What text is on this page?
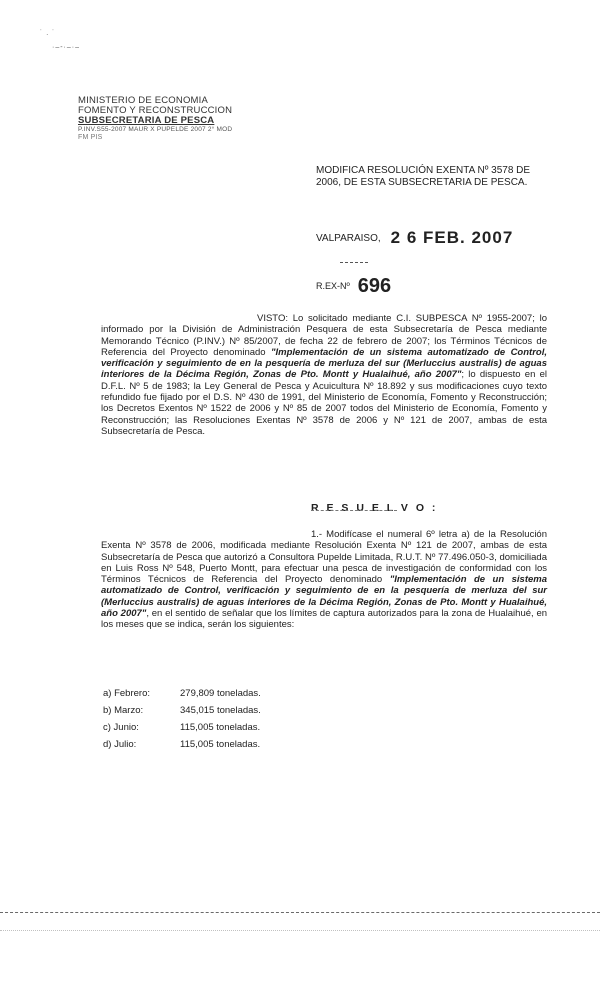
˙ . ˙
·–‐·–·–
MINISTERIO DE ECONOMIA
FOMENTO Y RECONSTRUCCION
SUBSECRETARIA DE PESCA
P.INV.S55-2007 MAUR X PUPELDE 2007 2° MOD
FM PIS
MODIFICA RESOLUCIÓN EXENTA Nº 3578 DE 2006, DE ESTA SUBSECRETARIA DE PESCA.
VALPARAISO, 2 6 FEB. 2007
R.EX-Nº 696
VISTO: Lo solicitado mediante C.I. SUBPESCA Nº 1955-2007; lo informado por la División de Administración Pesquera de esta Subsecretaría de Pesca mediante Memorando Técnico (P.INV.) Nº 85/2007, de fecha 22 de febrero de 2007; los Términos Técnicos de Referencia del Proyecto denominado "Implementación de un sistema automatizado de Control, verificación y seguimiento de en la pesquería de merluza del sur (Merluccius australis) de aguas interiores de la Décima Región, Zonas de Pto. Montt y Hualaihué, año 2007"; lo dispuesto en el D.F.L. Nº 5 de 1983; la Ley General de Pesca y Acuicultura Nº 18.892 y sus modificaciones cuyo texto refundido fue fijado por el D.S. Nº 430 de 1991, del Ministerio de Economía, Fomento y Reconstrucción; los Decretos Exentos Nº 1522 de 2006 y Nº 85 de 2007 todos del Ministerio de Economía, Fomento y Reconstrucción; las Resoluciones Exentas Nº 3578 de 2006 y Nº 121 de 2007, ambas de esta Subsecretaría de Pesca.
R E S U E L V O :
1.- Modifícase el numeral 6º letra a) de la Resolución Exenta Nº 3578 de 2006, modificada mediante Resolución Exenta Nº 121 de 2007, ambas de esta Subsecretaría de Pesca que autorizó a Consultora Pupelde Limitada, R.U.T. Nº 77.496.050-3, domiciliada en Luis Ross Nº 548, Puerto Montt, para efectuar una pesca de investigación de conformidad con los Términos Técnicos de Referencia del Proyecto denominado "Implementación de un sistema automatizado de Control, verificación y seguimiento de en la pesquería de merluza del sur (Merluccius australis) de aguas interiores de la Décima Región, Zonas de Pto. Montt y Hualaihué, año 2007", en el sentido de señalar que los límites de captura autorizados para la zona de Hualaihué, en los meses que se indica, serán los siguientes:
a) Febrero:	279,809 toneladas.
b) Marzo:	345,015 toneladas.
c) Junio:	115,005 toneladas.
d) Julio:	115,005 toneladas.
